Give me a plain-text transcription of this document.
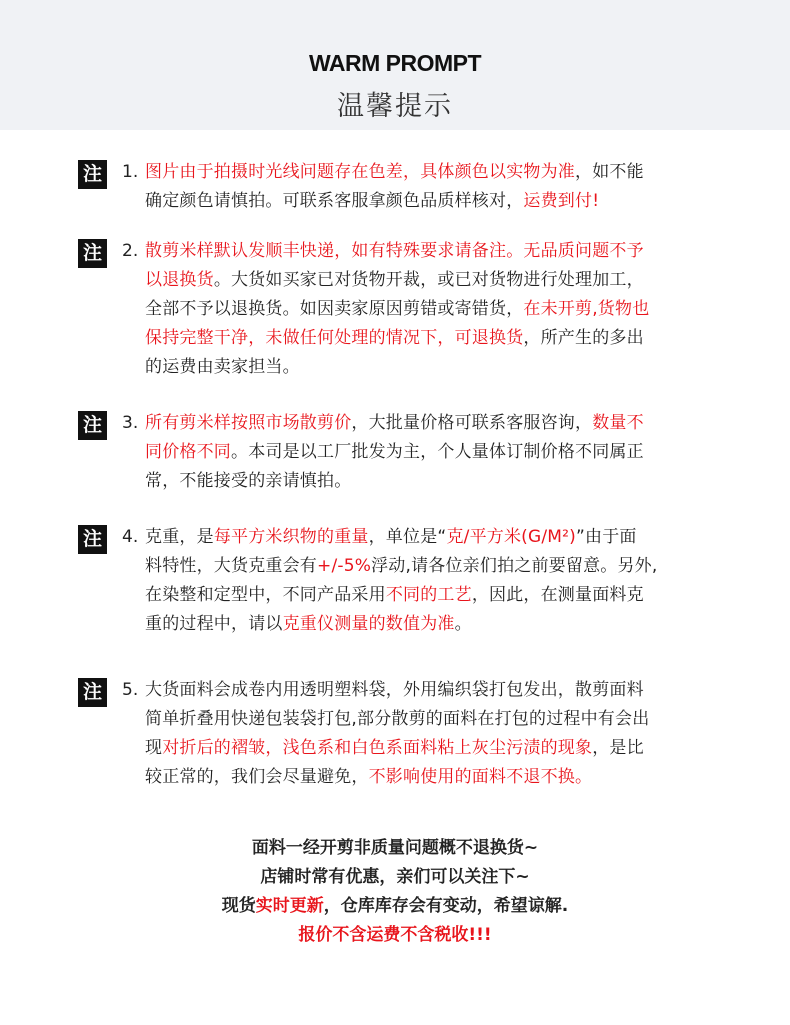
WARM PROMPT
温馨提示
注 1. 图片由于拍摄时光线问题存在色差，具体颜色以实物为准，如不能
确定颜色请慎拍。可联系客服拿颜色品质样核对，运费到付!
注 2. 散剪米样默认发顺丰快递，如有特殊要求请备注。无品质问题不予
以退换货。大货如买家已对货物开裁，或已对货物进行处理加工，
全部不予以退换货。如因卖家原因剪错或寄错货，在未开剪,货物也
保持完整干净，未做任何处理的情况下，可退换货，所产生的多出
的运费由卖家担当。
注 3. 所有剪米样按照市场散剪价，大批量价格可联系客服咨询，数量不
同价格不同。本司是以工厂批发为主，个人量体订制价格不同属正
常，不能接受的亲请慎拍。
注 4. 克重，是每平方米织物的重量，单位是“克/平方米(G/M²)”由于面
料特性，大货克重会有+/-5%浮动,请各位亲们拍之前要留意。另外,
在染整和定型中，不同产品采用不同的工艺，因此，在测量面料克
重的过程中，请以克重仪测量的数值为准。
注 5. 大货面料会成卷内用透明塑料袋，外用编织袋打包发出，散剪面料
简单折叠用快递包装袋打包,部分散剪的面料在打包的过程中有会出
现对折后的褶皱，浅色系和白色系面料粘上灰尘污渍的现象，是比
较正常的，我们会尽量避免，不影响使用的面料不退不换。
面料一经开剪非质量问题概不退换货~
店铺时常有优惠，亲们可以关注下~
现货实时更新，仓库库存会有变动，希望谅解.
报价不含运费不含税收!!!
